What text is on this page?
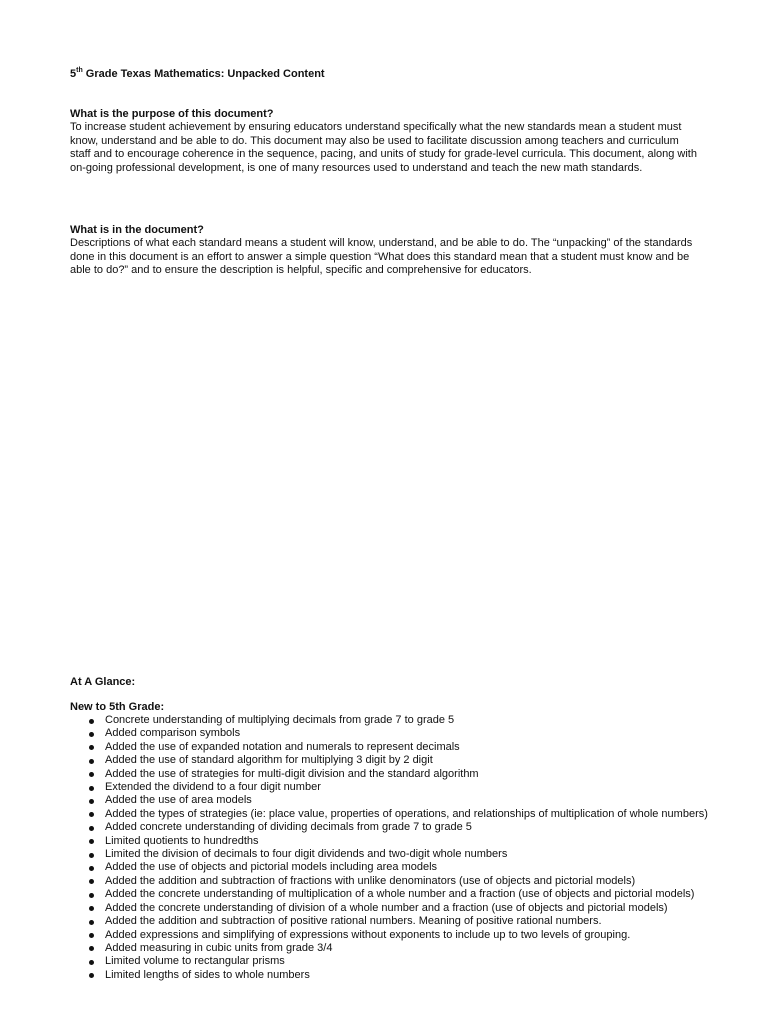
5th Grade Texas Mathematics: Unpacked Content

What is the purpose of this document?

To increase student achievement by ensuring educators understand specifically what the new standards mean a student must know, understand and be able to do. This document may also be used to facilitate discussion among teachers and curriculum staff and to encourage coherence in the sequence, pacing, and units of study for grade-level curricula. This document, along with on-going professional development, is one of many resources used to understand and teach the new math standards.

What is in the document?

Descriptions of what each standard means a student will know, understand, and be able to do. The “unpacking” of the standards done in this document is an effort to answer a simple question “What does this standard mean that a student must know and be able to do?” and to ensure the description is helpful, specific and comprehensive for educators.

At A Glance:
New to 5th Grade:
Concrete understanding of multiplying decimals from grade 7 to grade 5
Added comparison symbols
Added the use of expanded notation and numerals to represent decimals
Added the use of standard algorithm for multiplying 3 digit by 2 digit
Added the use of strategies for multi-digit division and the standard algorithm
Extended the dividend to a four digit number
Added the use of area models
Added the types of strategies (ie: place value, properties of operations, and relationships of multiplication of whole numbers)
Added concrete understanding of dividing decimals from grade 7 to grade 5
Limited quotients to hundredths
Limited the division of decimals to four digit dividends and two-digit whole numbers
Added the use of objects and pictorial models including area models
Added the addition and subtraction of fractions with unlike denominators (use of objects and pictorial models)
Added the concrete understanding of multiplication of a whole number and a fraction (use of objects and pictorial models)
Added the concrete understanding of division of a whole number and a fraction (use of objects and pictorial models)
Added the addition and subtraction of positive rational numbers. Meaning of positive rational numbers.
Added expressions and simplifying of expressions without exponents to include up to two levels of grouping.
Added measuring in cubic units from grade 3/4
Limited volume to rectangular prisms
Limited lengths of sides to whole numbers
